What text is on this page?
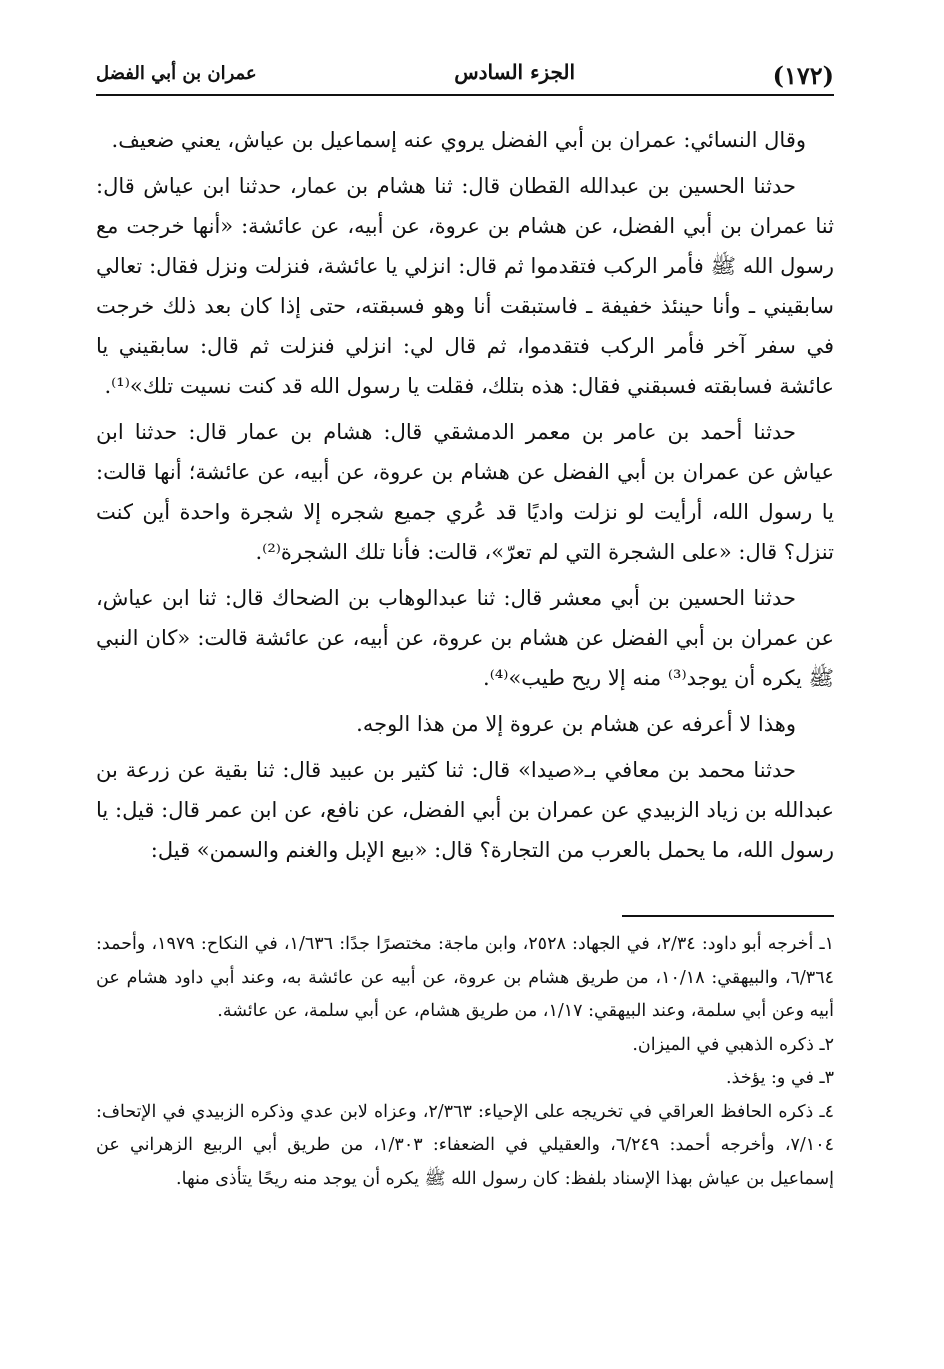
(١٧٢)
الجزء السادس
عمران بن أبي الفضل

وقال النسائي: عمران بن أبي الفضل يروي عنه إسماعيل بن عياش، يعني ضعيف.

حدثنا الحسين بن عبدالله القطان قال: ثنا هشام بن عمار، حدثنا ابن عياش قال: ثنا عمران بن أبي الفضل، عن هشام بن عروة، عن أبيه، عن عائشة: «أنها خرجت مع رسول الله ﷺ فأمر الركب فتقدموا ثم قال: انزلي يا عائشة، فنزلت ونزل فقال: تعالي سابقيني ـ وأنا حينئذ خفيفة ـ فاستبقت أنا وهو فسبقته، حتى إذا كان بعد ذلك خرجت في سفر آخر فأمر الركب فتقدموا، ثم قال لي: انزلي فنزلت ثم قال: سابقيني يا عائشة فسابقته فسبقني فقال: هذه بتلك، فقلت يا رسول الله قد كنت نسيت تلك»⁽¹⁾.

حدثنا أحمد بن عامر بن معمر الدمشقي قال: هشام بن عمار قال: حدثنا ابن عياش عن عمران بن أبي الفضل عن هشام بن عروة، عن أبيه، عن عائشة؛ أنها قالت: يا رسول الله، أرأيت لو نزلت واديًا قد عُري جميع شجره إلا شجرة واحدة أين كنت تنزل؟ قال: «على الشجرة التي لم تعرّ»، قالت: فأنا تلك الشجرة⁽²⁾.

حدثنا الحسين بن أبي معشر قال: ثنا عبدالوهاب بن الضحاك قال: ثنا ابن عياش، عن عمران بن أبي الفضل عن هشام بن عروة، عن أبيه، عن عائشة قالت: «كان النبي ﷺ يكره أن يوجد⁽³⁾ منه إلا ريح طيب»⁽⁴⁾.

وهذا لا أعرفه عن هشام بن عروة إلا من هذا الوجه.

حدثنا محمد بن معافي بـ«صيدا» قال: ثنا كثير بن عبيد قال: ثنا بقية عن زرعة بن عبدالله بن زياد الزبيدي عن عمران بن أبي الفضل، عن نافع، عن ابن عمر قال: قيل: يا رسول الله، ما يحمل بالعرب من التجارة؟ قال: «بيع الإبل والغنم والسمن» قيل:

١ـ أخرجه أبو داود: ٢/٣٤، في الجهاد: ٢٥٢٨، وابن ماجة: مختصرًا جدًا: ١/٦٣٦، في النكاح: ١٩٧٩، وأحمد: ٦/٣٦٤، والبيهقي: ١٠/١٨، من طريق هشام بن عروة، عن أبيه عن عائشة به، وعند أبي داود هشام عن أبيه وعن أبي سلمة، وعند البيهقي: ١/١٧، من طريق هشام، عن أبي سلمة، عن عائشة.

٢ـ ذكره الذهبي في الميزان.

٣ـ في و: يؤخذ.

٤ـ ذكره الحافظ العراقي في تخريجه على الإحياء: ٢/٣٦٣، وعزاه لابن عدي وذكره الزبيدي في الإتحاف: ٧/١٠٤، وأخرجه أحمد: ٦/٢٤٩، والعقيلي في الضعفاء: ١/٣٠٣، من طريق أبي الربيع الزهراني عن إسماعيل بن عياش بهذا الإسناد بلفظ: كان رسول الله ﷺ يكره أن يوجد منه ريحًا يتأذى منها.
